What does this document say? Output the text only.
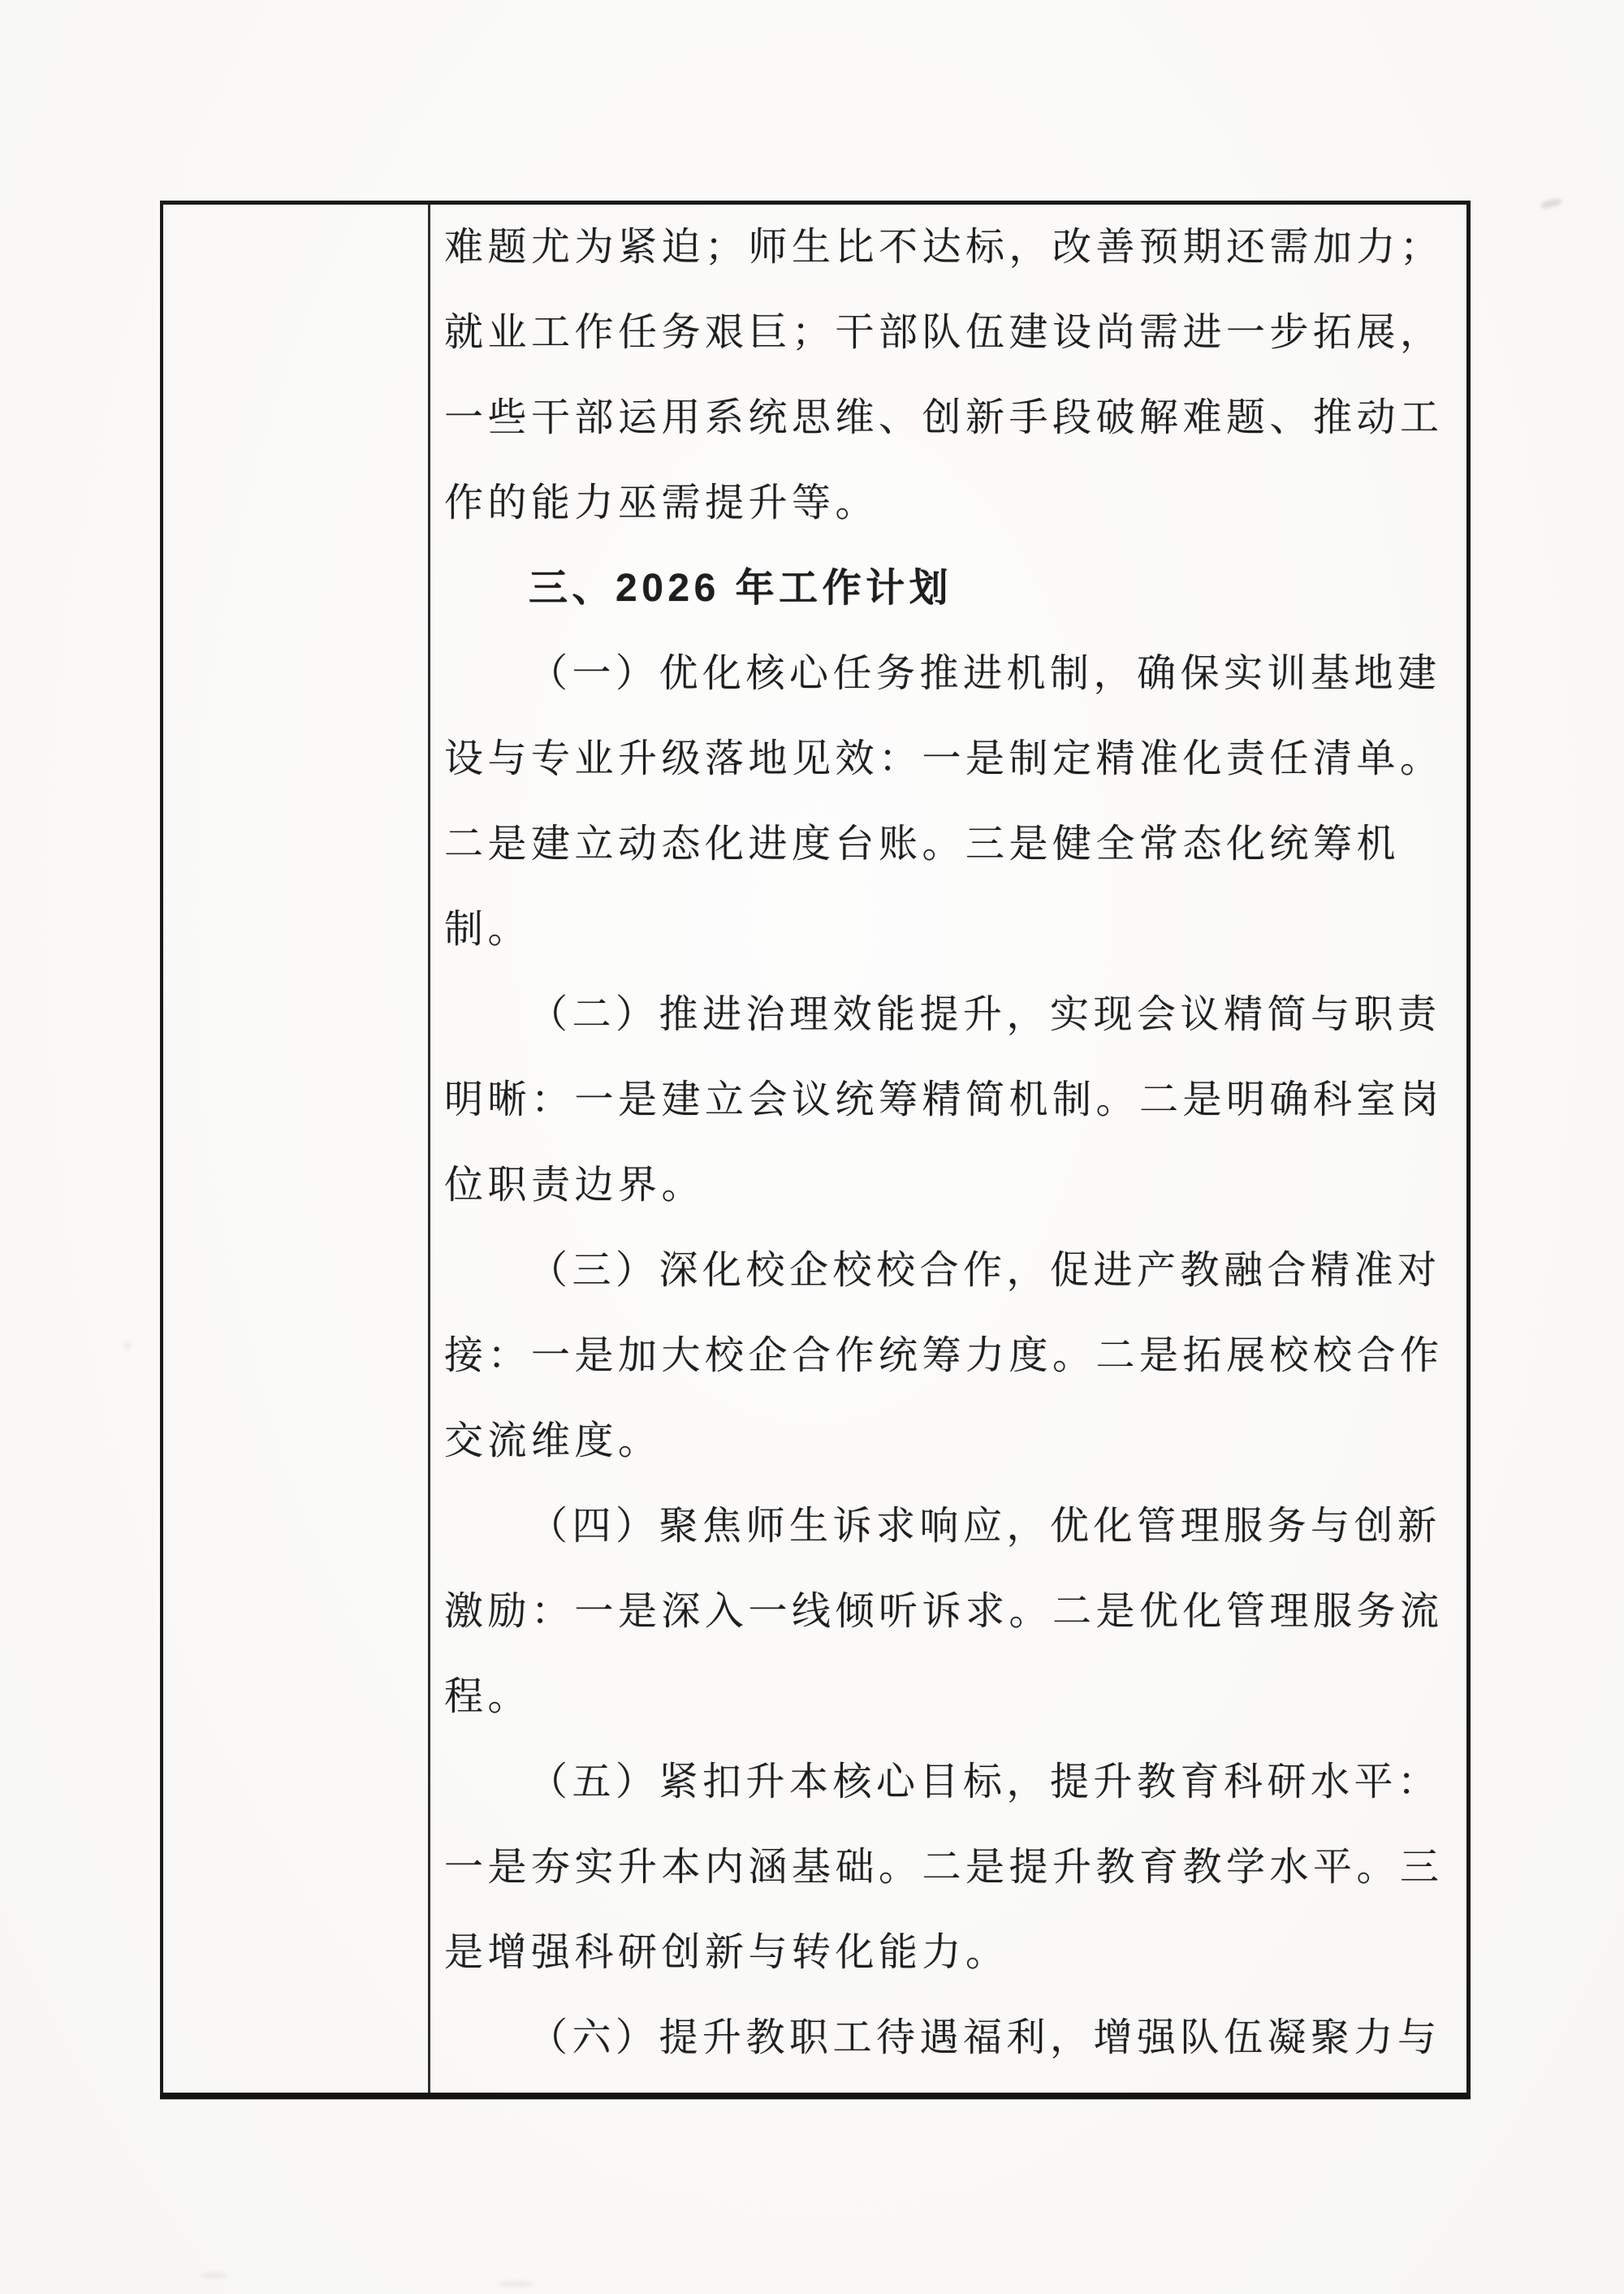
难题尤为紧迫；师生比不达标，改善预期还需加力；
就业工作任务艰巨；干部队伍建设尚需进一步拓展，
一些干部运用系统思维、创新手段破解难题、推动工
作的能力巫需提升等。
三、2026 年工作计划
（一）优化核心任务推进机制，确保实训基地建
设与专业升级落地见效：一是制定精准化责任清单。
二是建立动态化进度台账。三是健全常态化统筹机
制。
（二）推进治理效能提升，实现会议精简与职责
明晰：一是建立会议统筹精简机制。二是明确科室岗
位职责边界。
（三）深化校企校校合作，促进产教融合精准对
接：一是加大校企合作统筹力度。二是拓展校校合作
交流维度。
（四）聚焦师生诉求响应，优化管理服务与创新
激励：一是深入一线倾听诉求。二是优化管理服务流
程。
（五）紧扣升本核心目标，提升教育科研水平：
一是夯实升本内涵基础。二是提升教育教学水平。三
是增强科研创新与转化能力。
（六）提升教职工待遇福利，增强队伍凝聚力与
